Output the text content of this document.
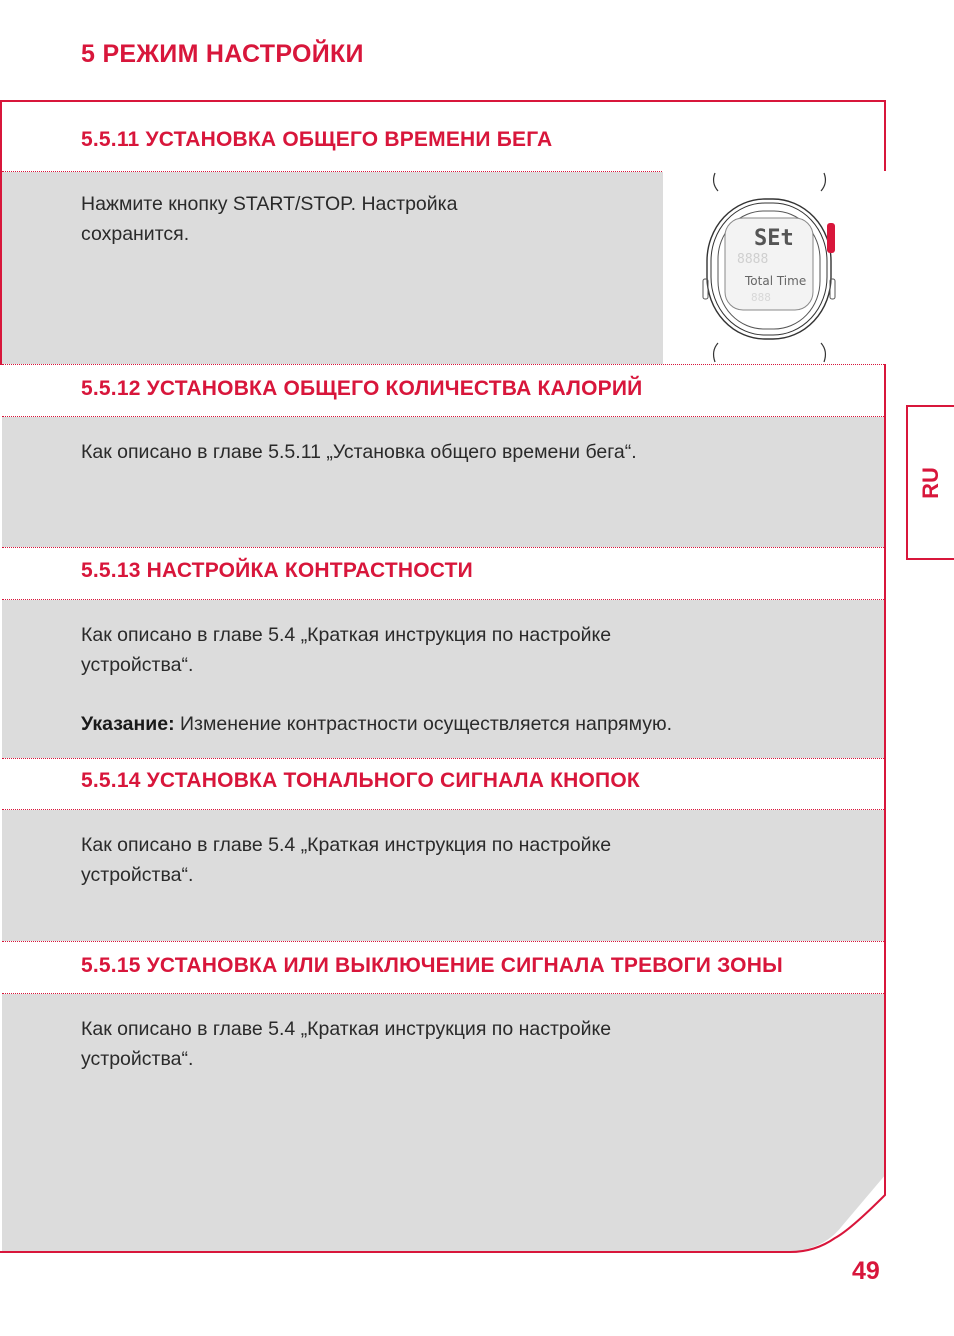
5 РЕЖИМ НАСТРОЙКИ
5.5.11 УСТАНОВКА ОБЩЕГО ВРЕМЕНИ БЕГА
Нажмите кнопку START/STOP. Настройка
сохранится.
5.5.12 УСТАНОВКА ОБЩЕГО КОЛИЧЕСТВА КАЛОРИЙ
Как описано в главе 5.5.11 „Установка общего времени бега“.
5.5.13 НАСТРОЙКА КОНТРАСТНОСТИ
Как описано в главе 5.4 „Краткая инструкция по настройке
устройства“.
Указание: Изменение контрастности осуществляется напрямую.
5.5.14 УСТАНОВКА ТОНАЛЬНОГО СИГНАЛА КНОПОК
Как описано в главе 5.4 „Краткая инструкция по настройке
устройства“.
5.5.15 УСТАНОВКА ИЛИ ВЫКЛЮЧЕНИЕ СИГНАЛА ТРЕВОГИ ЗОНЫ
Как описано в главе 5.4 „Краткая инструкция по настройке
устройства“.
SEt
8888
Total Time
888
RU
49
